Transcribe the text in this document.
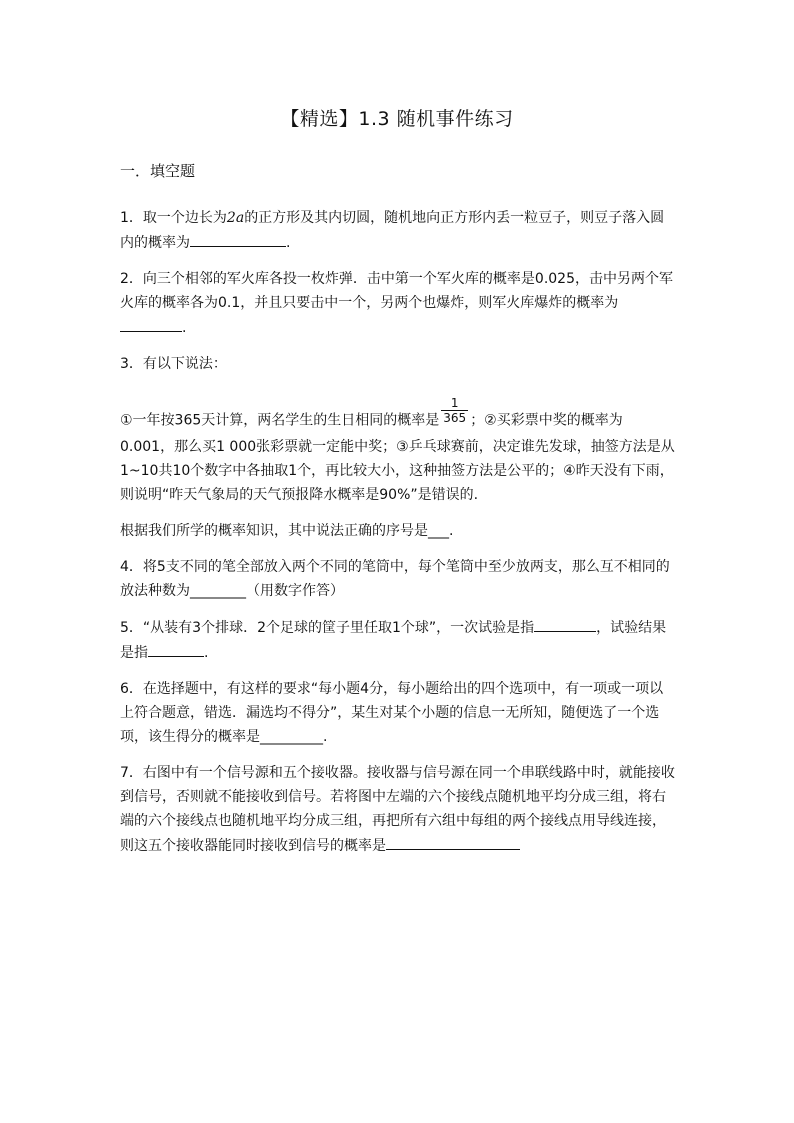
【精选】1.3 随机事件练习
一．填空题

1．取一个边长为2a的正方形及其内切圆，随机地向正方形内丢一粒豆子，则豆子落入圆内的概率为	.

2．向三个相邻的军火库各投一枚炸弹．击中第一个军火库的概率是0.025，击中另两个军火库的概率各为0.1，并且只要击中一个，另两个也爆炸，则军火库爆炸的概率为.

3．有以下说法：

①一年按365天计算，两名学生的生日相同的概率是 $\frac{1}{365}$ ；②买彩票中奖的概率为 0.001，那么买1 000张彩票就一定能中奖；③乒乓球赛前，决定谁先发球，抽签方法是从1~10共10个数字中各抽取1个，再比较大小，这种抽签方法是公平的；④昨天没有下雨，则说明“昨天气象局的天气预报降水概率是90%”是错误的.

根据我们所学的概率知识，其中说法正确的序号是___.

4．将5支不同的笔全部放入两个不同的笔筒中，每个笔筒中至少放两支，那么互不相同的放法种数为________（用数字作答）

5．“从装有3个排球．2个足球的筐子里任取1个球”，一次试验是指	，试验结果是指	.

6．在选择题中，有这样的要求“每小题4分，每小题给出的四个选项中，有一项或一项以上符合题意，错选．漏选均不得分”，某生对某个小题的信息一无所知，随便选了一个选项，该生得分的概率是_________.

7．右图中有一个信号源和五个接收器。接收器与信号源在同一个串联线路中时，就能接收到信号，否则就不能接收到信号。若将图中左端的六个接线点随机地平均分成三组，将右端的六个接线点也随机地平均分成三组，再把所有六组中每组的两个接线点用导线连接，则这五个接收器能同时接收到信号的概率是
